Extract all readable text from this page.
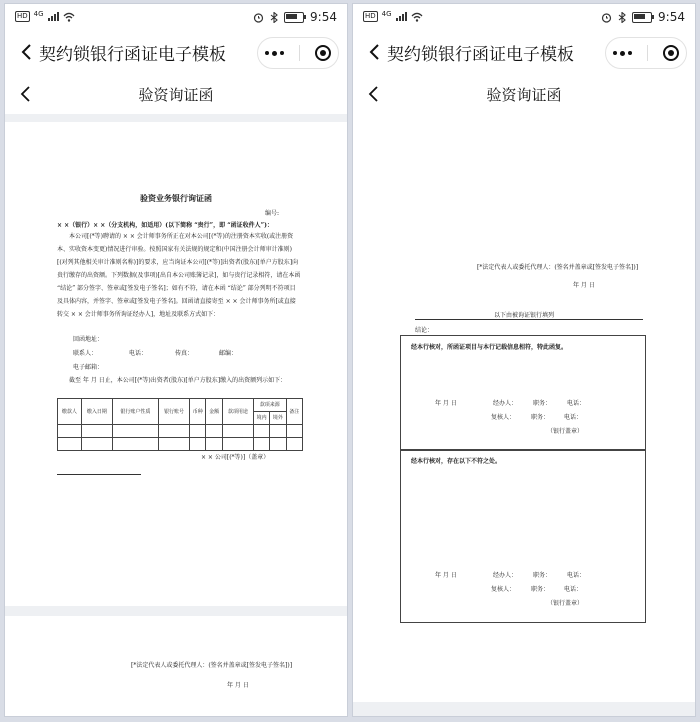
HD 4G	9:54
契约锁银行函证电子模板
验资询证函
验资业务银行询证函
编号:
× ×（银行）× ×（分支机构，如适用）(以下简称 “贵行”，即 “函证收件人”)：
本公司[(*等)聘请的 × × 会计师事务所正在对本公司[(*等)的注册资本实收(或注册资本、实收资本变更)情况进行审验。按照国家有关法规的规定和(中国注册会计师审计准则)[(对列其他相关审计准则名称)]的要求，应当询证本公司[(*等)]出资者(股东)[单户方股东]向贵行缴存的出资额。下列数据(及事项)[出自本公司账簿记录]，如与贵行记录相符，请在本函 “结论” 部分签字、签章或[签发电子签名]；如有不符，请在本函 “结论” 部分列明不符项目及具体内容，并签字、签章或[签发电子签名]。回函请直接寄至 × × 会计师事务所[或直接转交 × × 会计师事务所询证经办人]，地址及联系方式如下：
回函地址：
联系人：	电话：	传真：	邮编：
电子邮箱：
截至 年 月 日止，本公司[(*等)出资者(股东)[单户方股东]缴入的出资额列示如下：
缴款人	缴入日期	银行账户性质	银行账号	币种	金额	款项用途	款项来源		备注
							境内	境外	

× × 公司[(*等)]（盖章）
[*法定代表人或委托代理人：(签名并盖章或[签发电子签名])]
年 月 日
HD 4G	9:54
契约锁银行函证电子模板
验资询证函
[*法定代表人或委托代理人：(签名并盖章或[签发电子签名])]
年 月 日
以下由被询证银行填列
结论：
经本行核对，所函证项目与本行记载信息相符，特此函复。
年 月 日	经办人：	职务：	电话：
复核人：	职务： 电话：
（银行盖章）
经本行核对，存在以下不符之处。
年 月 日	经办人：	职务：	电话：
复核人：	职务： 电话：
（银行盖章）
